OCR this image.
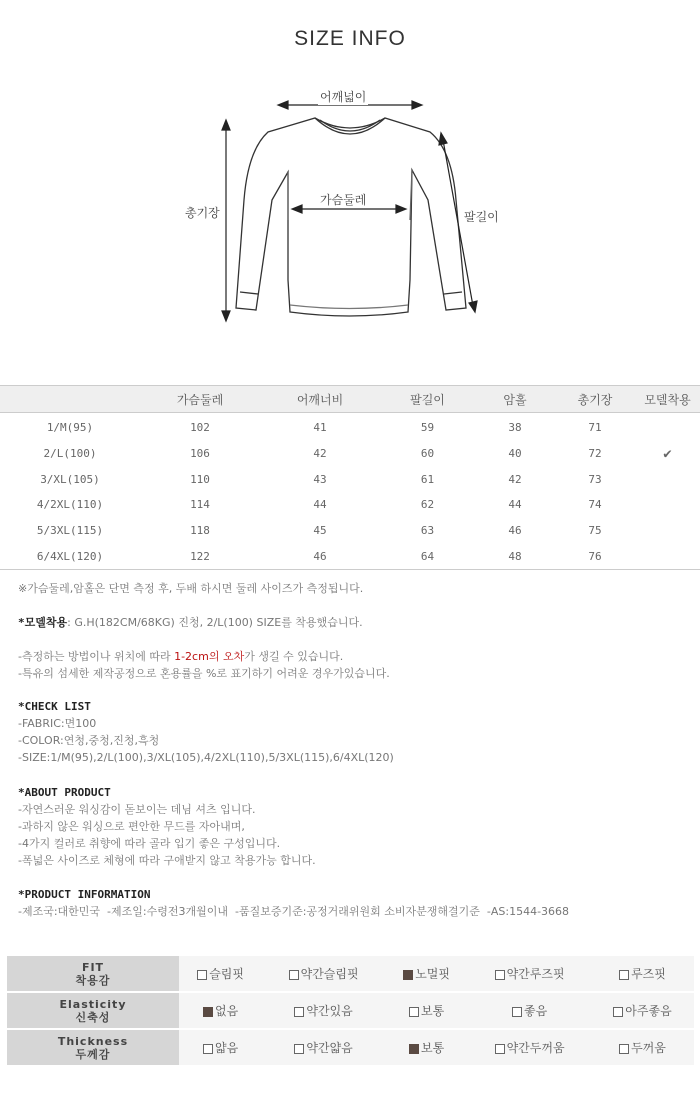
SIZE INFO
어깨넓이
가슴둘레
총기장	팔길이
	가슴둘레	어깨너비	팔길이	암홀	총기장	모델착용
1/M(95)	102	41	59	38	71	
2/L(100)	106	42	60	40	72	✔
3/XL(105)	110	43	61	42	73	
4/2XL(110)	114	44	62	44	74	
5/3XL(115)	118	45	63	46	75	
6/4XL(120)	122	46	64	48	76	
※가슴둘레,암홀은 단면 측정 후, 두배 하시면 둘레 사이즈가 측정됩니다.
*모델착용: G.H(182CM/68KG) 진청, 2/L(100) SIZE를 착용했습니다.
-측정하는 방법이나 위치에 따라 1-2cm의 오차가 생길 수 있습니다.
-특유의 섬세한 제작공정으로 혼용률을 %로 표기하기 어려운 경우가있습니다.
*CHECK LIST
-FABRIC:면100
-COLOR:연청,중청,진청,흑청
-SIZE:1/M(95),2/L(100),3/XL(105),4/2XL(110),5/3XL(115),6/4XL(120)
*ABOUT PRODUCT
-자연스러운 워싱감이 돋보이는 데님 셔츠 입니다.
-과하지 않은 워싱으로 편안한 무드를 자아내며,
-4가지 컬러로 취향에 따라 골라 입기 좋은 구성입니다.
-폭넓은 사이즈로 체형에 따라 구애받지 않고 착용가능 합니다.
*PRODUCT INFORMATION
-제조국:대한민국  -제조일:수령전3개월이내  -품질보증기준:공정거래위원회 소비자분쟁해결기준  -AS:1544-3668
FIT
착용감	슬림핏	약간슬림핏	노멀핏	약간루즈핏	루즈핏

Elasticity
신축성	없음	약간있음	보통	좋음	아주좋음

Thickness
두께감	얇음	약간얇음	보통	약간두꺼움	두꺼움
